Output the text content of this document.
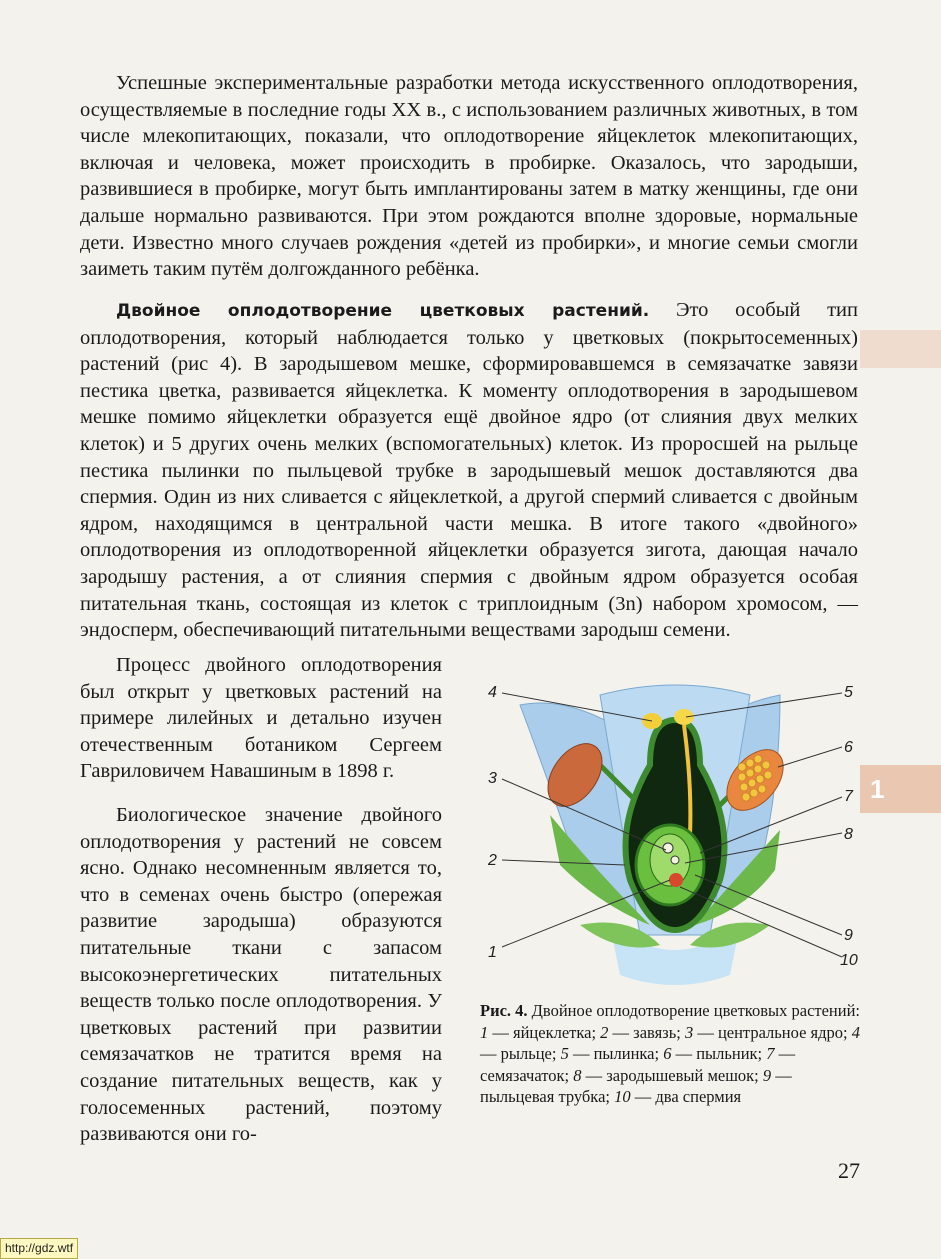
1

Успешные экспериментальные разработки метода искусственного оплодотворения, осуществляемые в последние годы XX в., с использованием различных животных, в том числе млекопитающих, показали, что оплодотворение яйцеклеток млекопитающих, включая и человека, может происходить в пробирке. Оказалось, что зародыши, развившиеся в пробирке, могут быть имплантированы затем в матку женщины, где они дальше нормально развиваются. При этом рождаются вполне здоровые, нормальные дети. Известно много случаев рождения «детей из пробирки», и многие семьи смогли заиметь таким путём долгожданного ребёнка.

Двойное оплодотворение цветковых растений. Это особый тип оплодотворения, который наблюдается только у цветковых (покрытосеменных) растений (рис 4). В зародышевом мешке, сформировавшемся в семязачатке завязи пестика цветка, развивается яйцеклетка. К моменту оплодотворения в зародышевом мешке помимо яйцеклетки образуется ещё двойное ядро (от слияния двух мелких клеток) и 5 других очень мелких (вспомогательных) клеток. Из проросшей на рыльце пестика пылинки по пыльцевой трубке в зародышевый мешок доставляются два спермия. Один из них сливается с яйцеклеткой, а другой спермий сливается с двойным ядром, находящимся в центральной части мешка. В итоге такого «двойного» оплодотворения из оплодотворенной яйцеклетки образуется зигота, дающая начало зародышу растения, а от слияния спермия с двойным ядром образуется особая питательная ткань, состоящая из клеток с триплоидным (3n) набором хромосом, — эндосперм, обеспечивающий питательными веществами зародыш семени.

Процесс двойного оплодотворения был открыт у цветковых растений на примере лилейных и детально изучен отечественным ботаником Сергеем Гавриловичем Навашиным в 1898 г.

Биологическое значение двойного оплодотворения у растений не совсем ясно. Однако несомненным является то, что в семенах очень быстро (опережая развитие зародыша) образуются питательные ткани с запасом высокоэнергетических питательных веществ только после оплодотворения. У цветковых растений при развитии семязачатков не тратится время на создание питательных веществ, как у голосеменных растений, поэтому развиваются они го-

4	5
6
3
7
8
2
1
9
10

Рис. 4. Двойное оплодотворение цветковых растений: 1 — яйцеклетка; 2 — завязь; 3 — центральное ядро; 4 — рыльце; 5 — пылинка; 6 — пыльник; 7 — семязачаток; 8 — зародышевый мешок; 9 — пыльцевая трубка; 10 — два спермия

27

http://gdz.wtf
